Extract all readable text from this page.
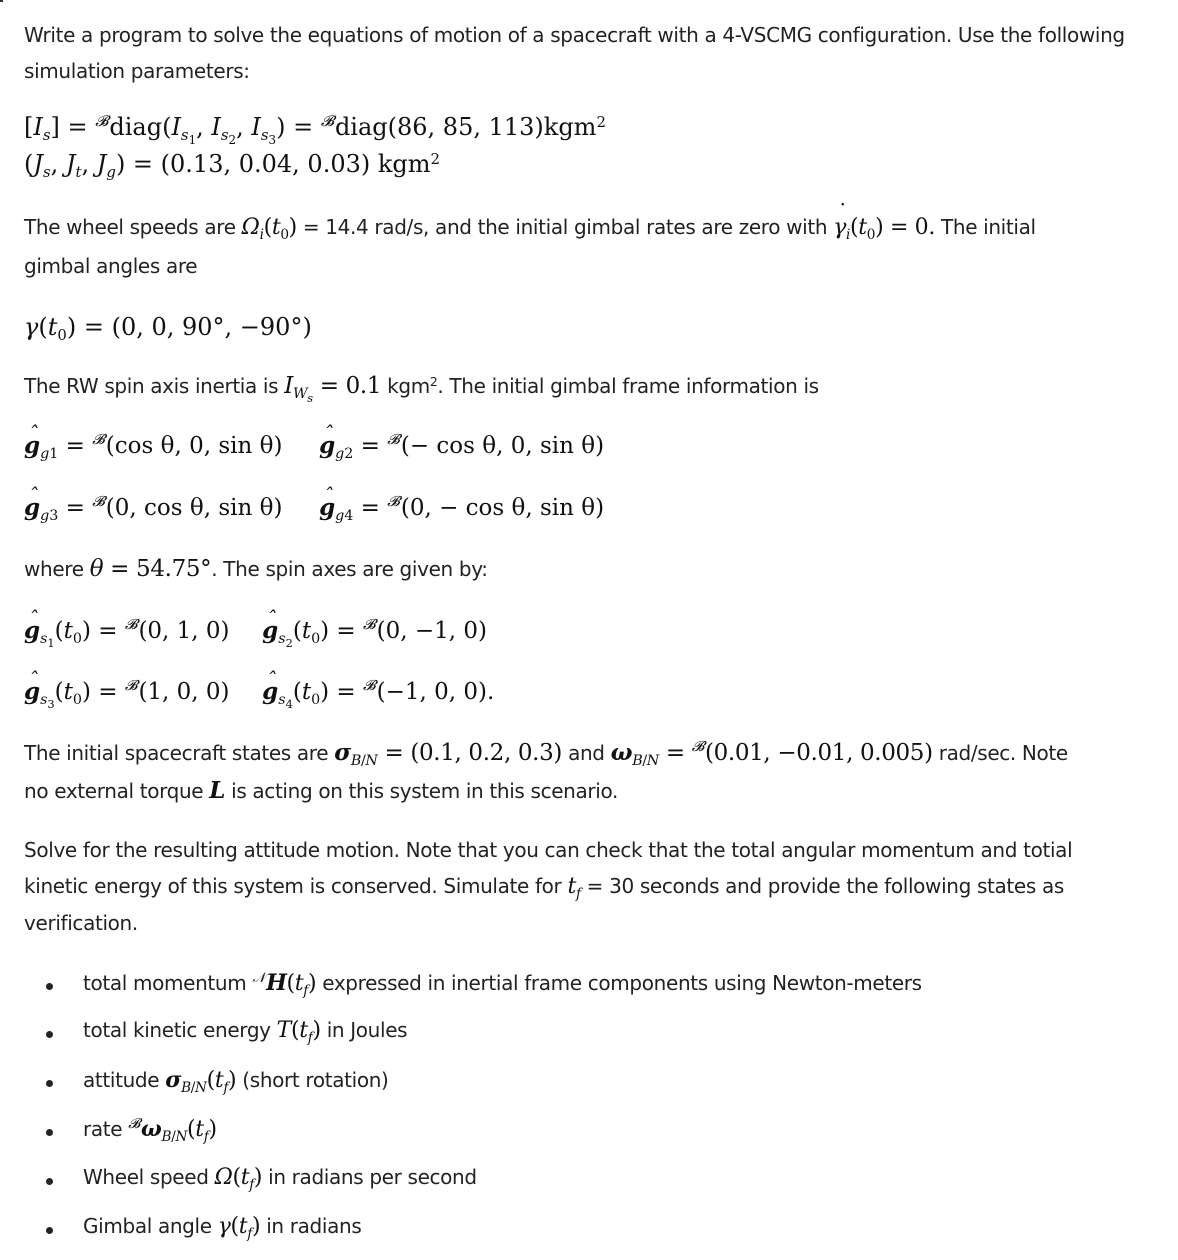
Write a program to solve the equations of motion of a spacecraft with a 4-VSCMG configuration. Use the following
simulation parameters:
$[I_s]$ = $^𝓑diag(I_{s_1}$, $I_{s_2}$, $I_{s_3}$) = $^𝓑$diag(86, 85, 113)kgm$^2$
($J_s$, $J_t$, $J_g) = (0.13$, 0.04, 0.03) kgm$^2$
The wheel speeds are $\Omega_i(t_0) = 14.4$ rad/s, and the initial gimbal rates are zero with ˙ $\gamma_i(t_0) = 0$. The initial
gimbal angles are
$\gamma(t_0) = (0$, 0, 90°, −90°)
The RW spin axis inertia is $I_{W_s} = 0.1$ kgm$^2$. The initial gimbal frame information is
ˆ $g_{g1} = ^𝓑(\cos$ θ, 0, sin θ) ˆ $g_{g2} = ^𝓑(- \cos \theta$, 0, sin θ)
ˆ $g_{g3} = ^𝓑(0$, cos θ, sin θ) ˆ $g_{g4} = ^𝓑(0$, − cos θ, sin θ)
where θ = 54.75°. The spin axes are given by:
ˆ $g_{s_1}(t_0) = ^𝓑(0$, 1, 0) ˆ $g_{s_2}(t_0) = ^𝓑(0$, −1, 0)
ˆ $g_{s_3}(t_0) = ^𝓑(1$, 0, 0) ˆ $g_{s_4}(t_0) = ^𝓑(-1$, 0, 0).
The initial spacecraft states are $\sigma_{B/N} = (0.1$, 0.2, 0.3) and $\omega_{B/N} = ^𝓑(0.01$, −0.01, 0.005) rad/sec. Note
no external torque L is acting on this system in this scenario.
Solve for the resulting attitude motion. Note that you can check that the total angular momentum and totial
kinetic energy of this system is conserved. Simulate for $t_f = 30$ seconds and provide the following states as
verification.
total momentum $^𝒩H(t_f)$ expressed in inertial frame components using Newton-meters
total kinetic energy $T(t_f)$ in Joules
attitude $\sigma_{B/N}(t_f)$ (short rotation)
rate $^𝓑\omega_{B/N}(t_f)$
Wheel speed $\Omega(t_f)$ in radians per second
Gimbal angle $\gamma(t_f)$ in radians
